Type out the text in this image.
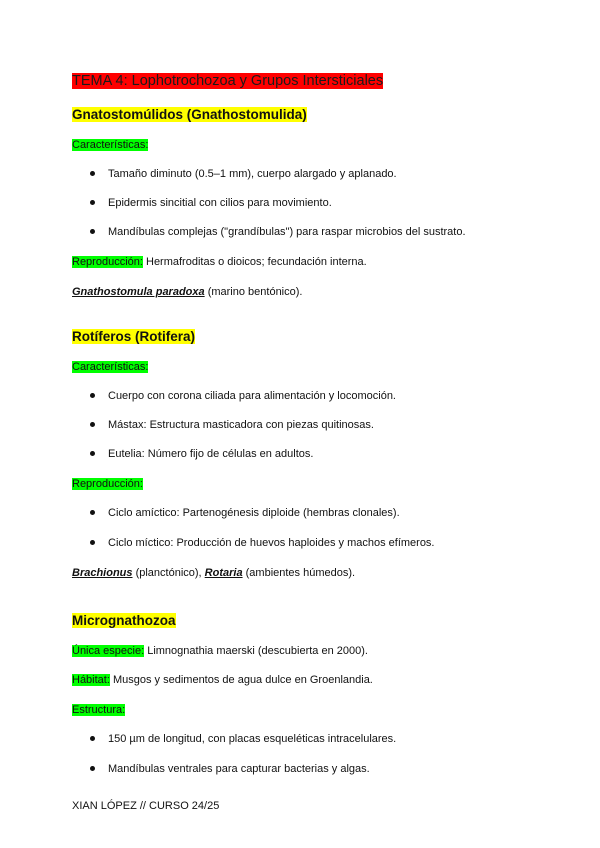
TEMA 4: Lophotrochozoa y Grupos Intersticiales
Gnatostomúlidos (Gnathostomulida)
Características:
Tamaño diminuto (0.5–1 mm), cuerpo alargado y aplanado.
Epidermis sincitial con cilios para movimiento.
Mandíbulas complejas ("grandíbulas") para raspar microbios del sustrato.
Reproducción: Hermafroditas o dioicos; fecundación interna.
Gnathostomula paradoxa (marino bentónico).
Rotíferos (Rotifera)
Características:
Cuerpo con corona ciliada para alimentación y locomoción.
Mástax: Estructura masticadora con piezas quitinosas.
Eutelia: Número fijo de células en adultos.
Reproducción:
Ciclo amíctico: Partenogénesis diploide (hembras clonales).
Ciclo míctico: Producción de huevos haploides y machos efímeros.
Brachionus (planctónico), Rotaria (ambientes húmedos).
Micrognathozoa
Única especie: Limnognathia maerski (descubierta en 2000).
Hábitat: Musgos y sedimentos de agua dulce en Groenlandia.
Estructura:
150 µm de longitud, con placas esqueléticas intracelulares.
Mandíbulas ventrales para capturar bacterias y algas.
XIAN LÓPEZ // CURSO 24/25
